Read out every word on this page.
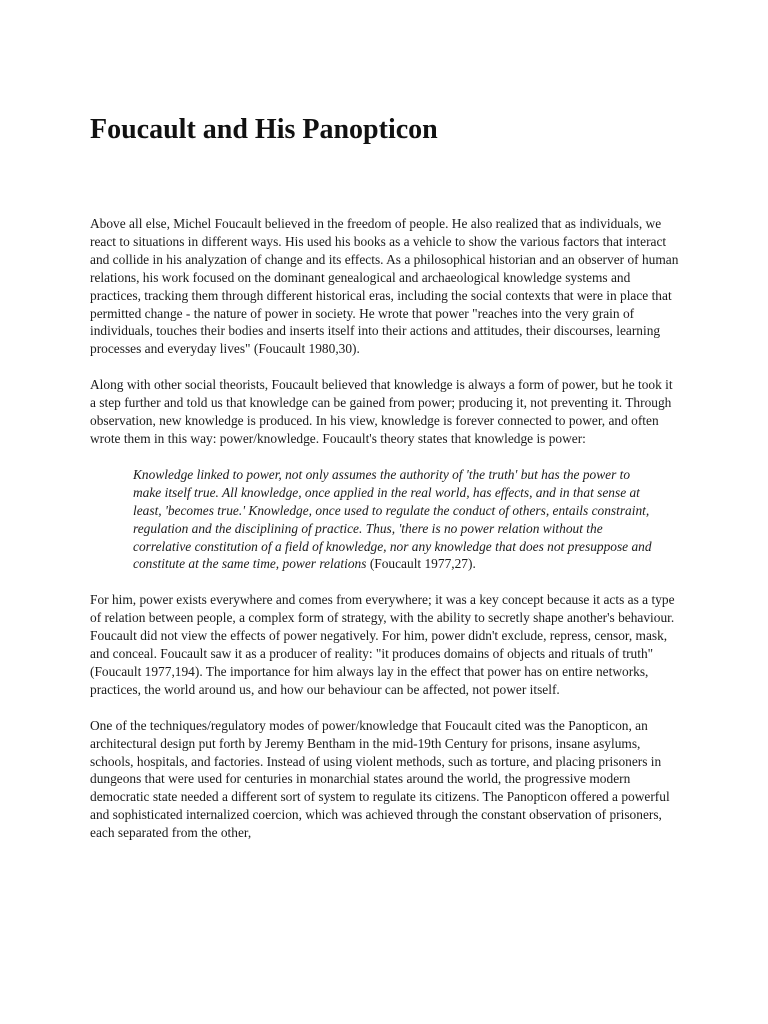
Foucault and His Panopticon

Above all else, Michel Foucault believed in the freedom of people. He also realized that as individuals, we react to situations in different ways. His used his books as a vehicle to show the various factors that interact and collide in his analyzation of change and its effects. As a philosophical historian and an observer of human relations, his work focused on the dominant genealogical and archaeological knowledge systems and practices, tracking them through different historical eras, including the social contexts that were in place that permitted change - the nature of power in society. He wrote that power "reaches into the very grain of individuals, touches their bodies and inserts itself into their actions and attitudes, their discourses, learning processes and everyday lives" (Foucault 1980,30).

Along with other social theorists, Foucault believed that knowledge is always a form of power, but he took it a step further and told us that knowledge can be gained from power; producing it, not preventing it. Through observation, new knowledge is produced. In his view, knowledge is forever connected to power, and often wrote them in this way: power/knowledge. Foucault's theory states that knowledge is power:

Knowledge linked to power, not only assumes the authority of 'the truth' but has the power to make itself true. All knowledge, once applied in the real world, has effects, and in that sense at least, 'becomes true.' Knowledge, once used to regulate the conduct of others, entails constraint, regulation and the disciplining of practice. Thus, 'there is no power relation without the correlative constitution of a field of knowledge, nor any knowledge that does not presuppose and constitute at the same time, power relations (Foucault 1977,27).

For him, power exists everywhere and comes from everywhere; it was a key concept because it acts as a type of relation between people, a complex form of strategy, with the ability to secretly shape another's behaviour. Foucault did not view the effects of power negatively. For him, power didn't exclude, repress, censor, mask, and conceal. Foucault saw it as a producer of reality: "it produces domains of objects and rituals of truth" (Foucault 1977,194). The importance for him always lay in the effect that power has on entire networks, practices, the world around us, and how our behaviour can be affected, not power itself.

One of the techniques/regulatory modes of power/knowledge that Foucault cited was the Panopticon, an architectural design put forth by Jeremy Bentham in the mid-19th Century for prisons, insane asylums, schools, hospitals, and factories. Instead of using violent methods, such as torture, and placing prisoners in dungeons that were used for centuries in monarchial states around the world, the progressive modern democratic state needed a different sort of system to regulate its citizens. The Panopticon offered a powerful and sophisticated internalized coercion, which was achieved through the constant observation of prisoners, each separated from the other,
